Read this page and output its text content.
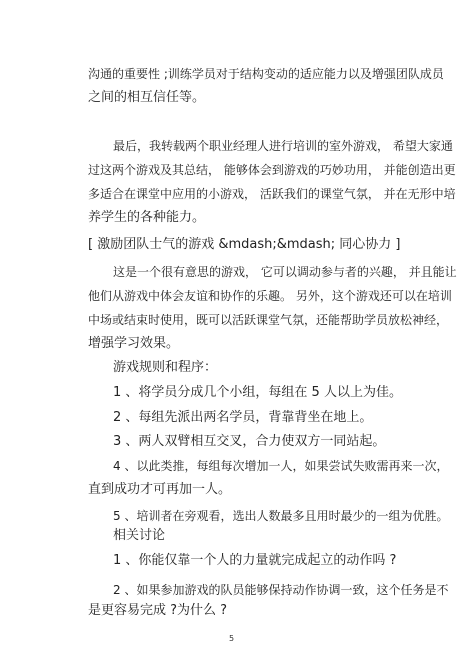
沟通的重要性 ;训练学员对于结构变动的适应能力以及增强团队成员
之间的相互信任等。
最后，我转载两个职业经理人进行培训的室外游戏， 希望大家通
过这两个游戏及其总结， 能够体会到游戏的巧妙功用， 并能创造出更
多适合在课堂中应用的小游戏， 活跃我们的课堂气氛， 并在无形中培
养学生的各种能力。
[ 激励团队士气的游戏 &mdash;&mdash; 同心协力 ]
这是一个很有意思的游戏， 它可以调动参与者的兴趣， 并且能让
他们从游戏中体会友谊和协作的乐趣。 另外，这个游戏还可以在培训
中场或结束时使用，既可以活跃课堂气氛，还能帮助学员放松神经，
增强学习效果。
游戏规则和程序：
1 、将学员分成几个小组，每组在 5 人以上为佳。
2 、每组先派出两名学员，背靠背坐在地上。
3 、两人双臂相互交叉，合力使双方一同站起。
4 、以此类推，每组每次增加一人，如果尝试失败需再来一次，
直到成功才可再加一人。
5 、培训者在旁观看，选出人数最多且用时最少的一组为优胜。
相关讨论
1 、你能仅靠一个人的力量就完成起立的动作吗 ?
2 、如果参加游戏的队员能够保持动作协调一致，这个任务是不
是更容易完成 ?为什么 ?
5
